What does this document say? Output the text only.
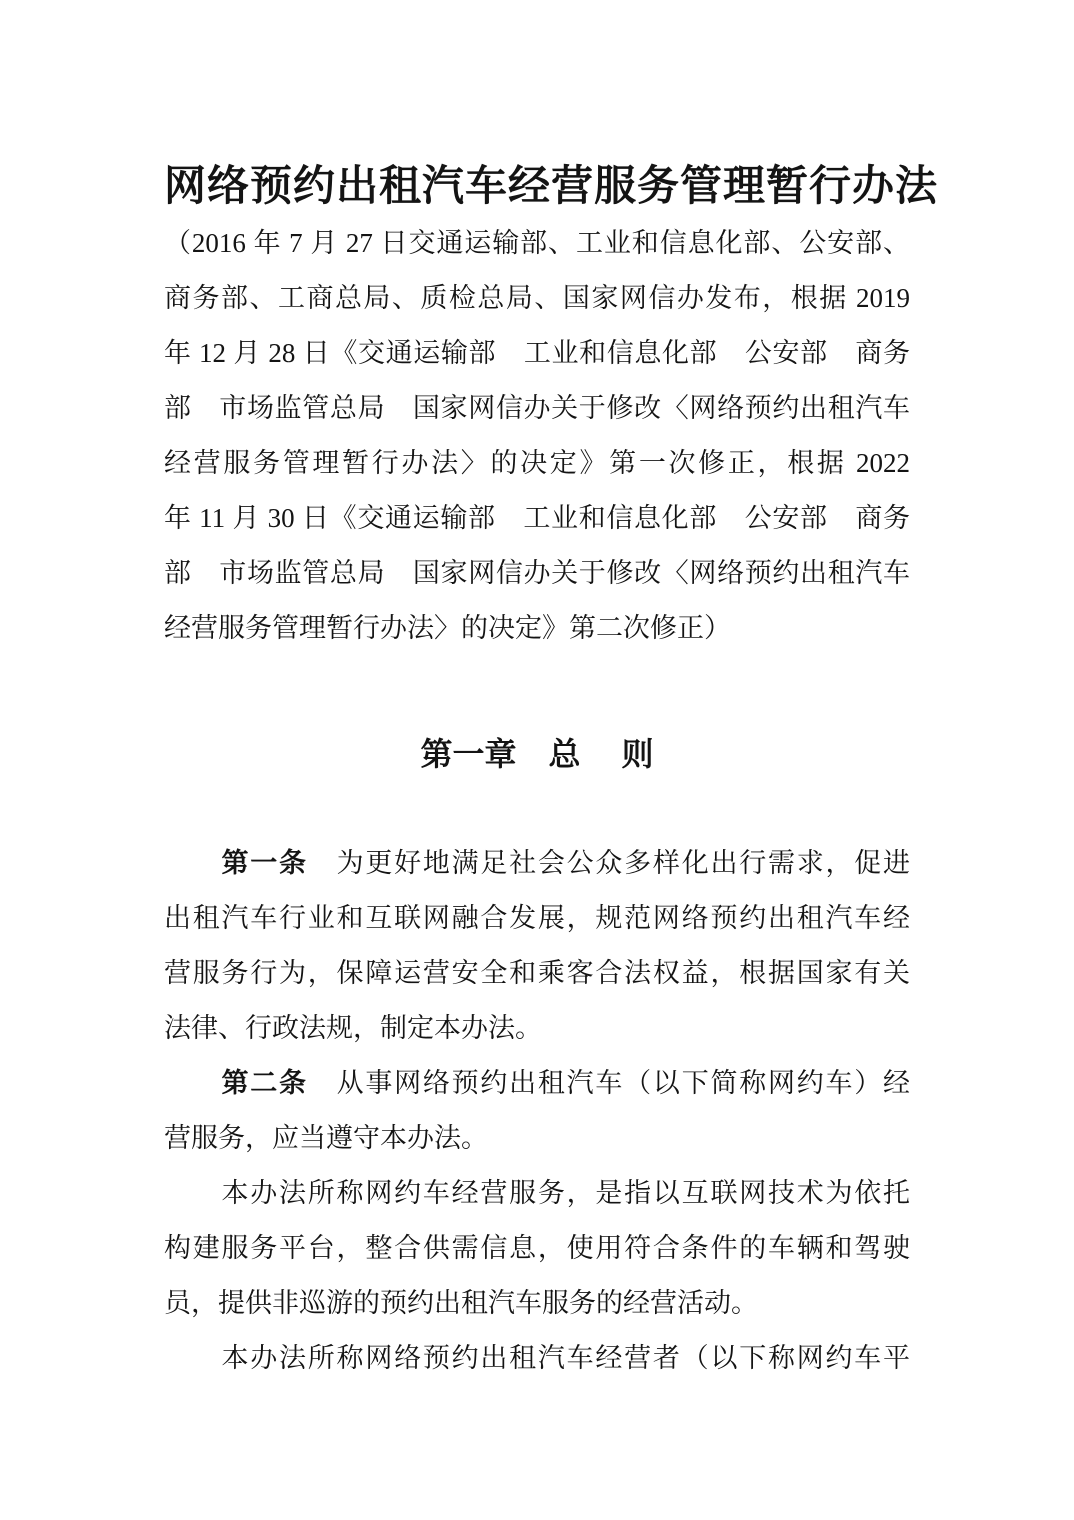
网络预约出租汽车经营服务管理暂行办法
（2016 年 7 月 27 日交通运输部、工业和信息化部、公安部、
商务部、工商总局、质检总局、国家网信办发布，根据 2019
年 12 月 28 日《交通运输部　工业和信息化部　公安部　商务
部　市场监管总局　国家网信办关于修改〈网络预约出租汽车
经营服务管理暂行办法〉的决定》第一次修正，根据 2022
年 11 月 30 日《交通运输部　工业和信息化部　公安部　商务
部　市场监管总局　国家网信办关于修改〈网络预约出租汽车
经营服务管理暂行办法〉的决定》第二次修正）
第一章　总　 则

　　第一条　为更好地满足社会公众多样化出行需求，促进
出租汽车行业和互联网融合发展，规范网络预约出租汽车经
营服务行为，保障运营安全和乘客合法权益，根据国家有关
法律、行政法规，制定本办法。

　　第二条　从事网络预约出租汽车（以下简称网约车）经
营服务，应当遵守本办法。

　　本办法所称网约车经营服务，是指以互联网技术为依托
构建服务平台，整合供需信息，使用符合条件的车辆和驾驶
员，提供非巡游的预约出租汽车服务的经营活动。

　　本办法所称网络预约出租汽车经营者（以下称网约车平
